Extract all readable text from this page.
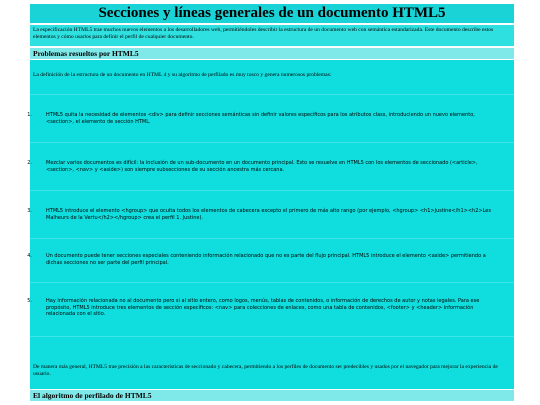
Secciones y líneas generales de un documento HTML5
La especificación HTML5 trae muchos nuevos elementos a los desarrolladores web, permitiéndoles describir la estructura de un documento web con semántica estandarizada. Este documento describe estos elementos y cómo usarlos para definir el perfil de cualquier documento.
Problemas resueltos por HTML5
La definición de la estructura de un documento en HTML 4 y su algoritmo de perfilado es muy tosco y genera numerosos problemas:
1.	HTML5 quita la necesidad de elementos <div> para definir secciones semánticas sin definir valores específicos para los atributos class, introduciendo un nuevo elemento, <section>, el elemento de sección HTML.
2.	Mezclar varios documentos es difícil: la inclusión de un sub-documento en un documento principal. Esto se resuelve en HTML5 con los elementos de seccionado (<article>, <section>, <nav> y <aside>) son siempre subsecciones de su sección ancestra más cercana.
3.	HTML5 introduce el elemento <hgroup> que oculta todos los elementos de cabecera excepto el primero de más alto rango (por ejemplo, <hgroup> <h1>Justine</h1><h2>Les Malheurs de la Vertu</h2></hgroup> crea el perfil 1. Justine).
4.	Un documento puede tener secciones especiales conteniendo información relacionado que no es parte del flujo principal. HTML5 introduce el elemento <aside> permitiendo a dichas secciones no ser parte del perfil principal.
5.	Hay información relacionada no al documento pero si al sitio entero, como logos, menús, tablas de contenidos, o información de derechos de autor y notas legales. Para ese propósito, HTML5 introduce tres elementos de sección específicos: <nav> para colecciones de enlaces, como una tabla de contenidos, <footer> y <header> información relacionada con el sitio.
De manera más general, HTML5 trae precisión a las características de seccionado y cabecera, permitiendo a los perfiles de documento ser predecibles y usados por el navegador para mejorar la experiencia de usuario.
El algoritmo de perfilado de HTML5
